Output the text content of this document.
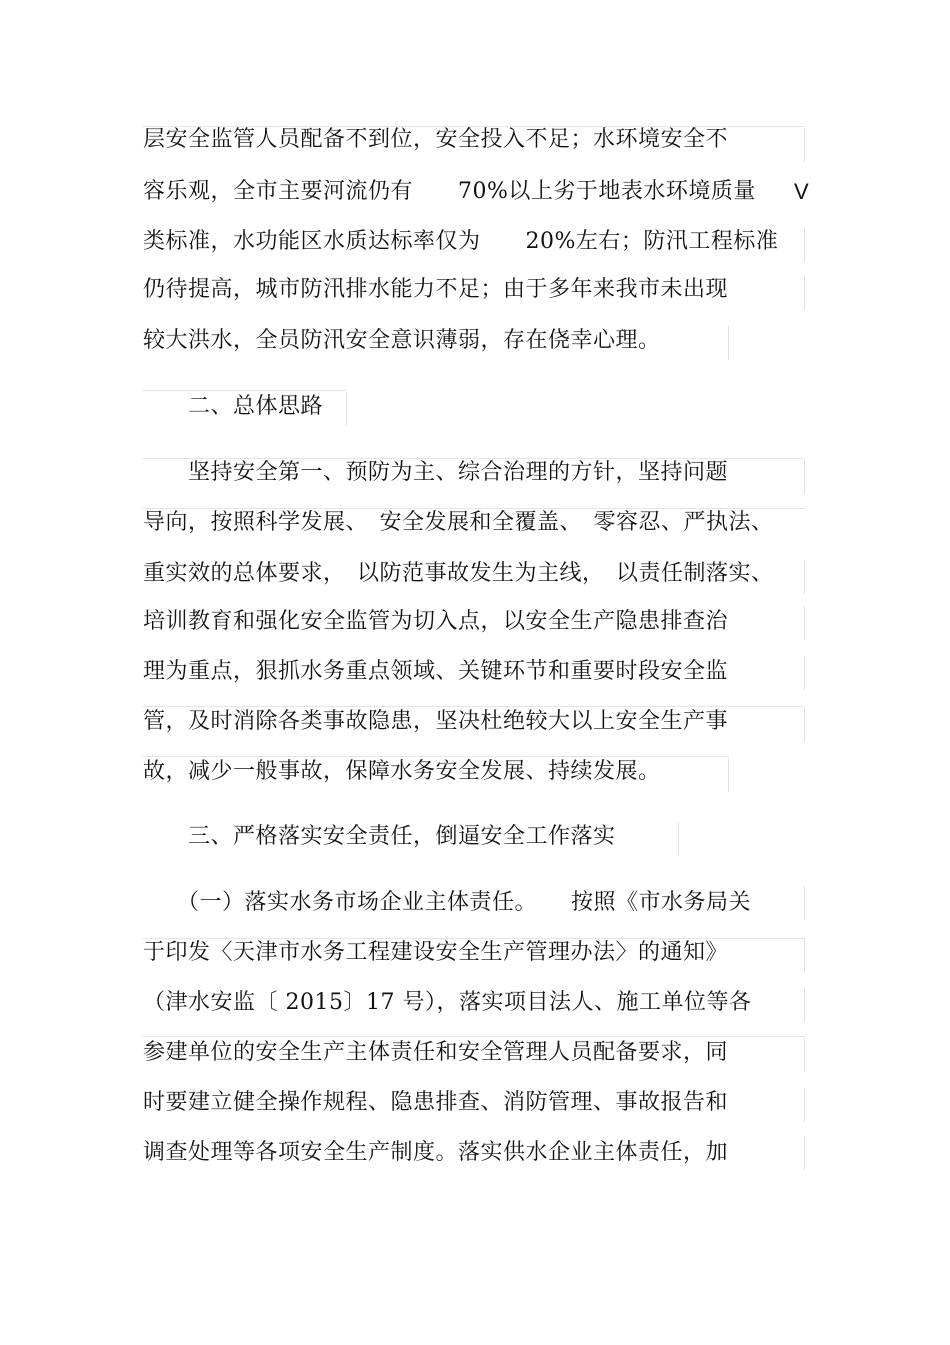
层安全监管人员配备不到位，安全投入不足；水环境安全不
容乐观，全市主要河流仍有　　70%以上劣于地表水环境质量 V
类标准，水功能区水质达标率仅为　　20%左右；防汛工程标准
仍待提高，城市防汛排水能力不足；由于多年来我市未出现
较大洪水，全员防汛安全意识薄弱，存在侥幸心理。
　　二、总体思路
　　坚持安全第一、预防为主、综合治理的方针，坚持问题
导向，按照科学发展、　安全发展和全覆盖、　零容忍、严执法、
重实效的总体要求，　以防范事故发生为主线，　以责任制落实、
培训教育和强化安全监管为切入点，以安全生产隐患排查治
理为重点，狠抓水务重点领域、关键环节和重要时段安全监
管，及时消除各类事故隐患，坚决杜绝较大以上安全生产事
故，减少一般事故，保障水务安全发展、持续发展。
　　三、严格落实安全责任，倒逼安全工作落实
　　（一）落实水务市场企业主体责任。　　按照《市水务局关
于印发〈天津市水务工程建设安全生产管理办法〉的通知》
（津水安监〔 2015〕17 号），落实项目法人、施工单位等各
参建单位的安全生产主体责任和安全管理人员配备要求，同
时要建立健全操作规程、隐患排查、消防管理、事故报告和
调查处理等各项安全生产制度。落实供水企业主体责任，加
